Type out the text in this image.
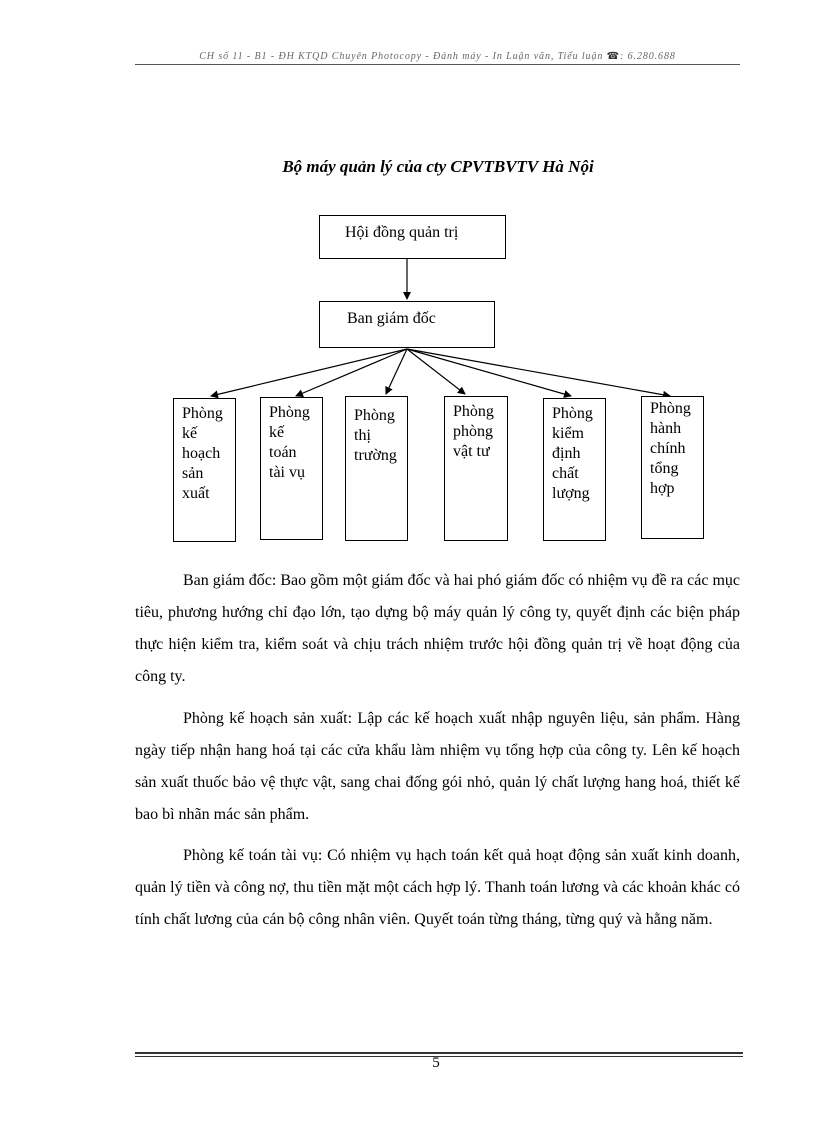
CH số 11 - B1 - ĐH KTQD Chuyên Photocopy - Đánh máy - In Luận văn, Tiểu luận ☎: 6.280.688
Bộ máy quản lý của cty CPVTBVTV Hà Nội
Hội đồng quản trị
Ban giám đốc
Phòng
kế
hoạch
sản
xuất
Phòng
kế
toán
tài vụ
Phòng
thị
trường
Phòng
phòng
vật tư
Phòng
kiểm
định
chất
lượng
Phòng
hành
chính
tổng
hợp

Ban giám đốc: Bao gồm một giám đốc và hai phó giám đốc có nhiệm vụ đề ra các mục tiêu, phương hướng chỉ đạo lớn, tạo dựng bộ máy quản lý công ty, quyết định các biện pháp thực hiện kiểm tra, kiểm soát và chịu trách nhiệm trước hội đồng quản trị về hoạt động của công ty.

Phòng kế hoạch sản xuất: Lập các kế hoạch xuất nhập nguyên liệu, sản phẩm. Hàng ngày tiếp nhận hang hoá tại các cửa khẩu làm nhiệm vụ tổng hợp của công ty. Lên kế hoạch sản xuất thuốc bảo vệ thực vật, sang chai đống gói nhỏ, quản lý chất lượng hang hoá, thiết kế bao bì nhãn mác sản phẩm.

Phòng kế toán tài vụ: Có nhiệm vụ hạch toán kết quả hoạt động sản xuất kinh doanh, quản lý tiền và công nợ, thu tiền mặt một cách hợp lý. Thanh toán lương và các khoản khác có tính chất lương của cán bộ công nhân viên. Quyết toán từng tháng, từng quý và hằng năm.

5
